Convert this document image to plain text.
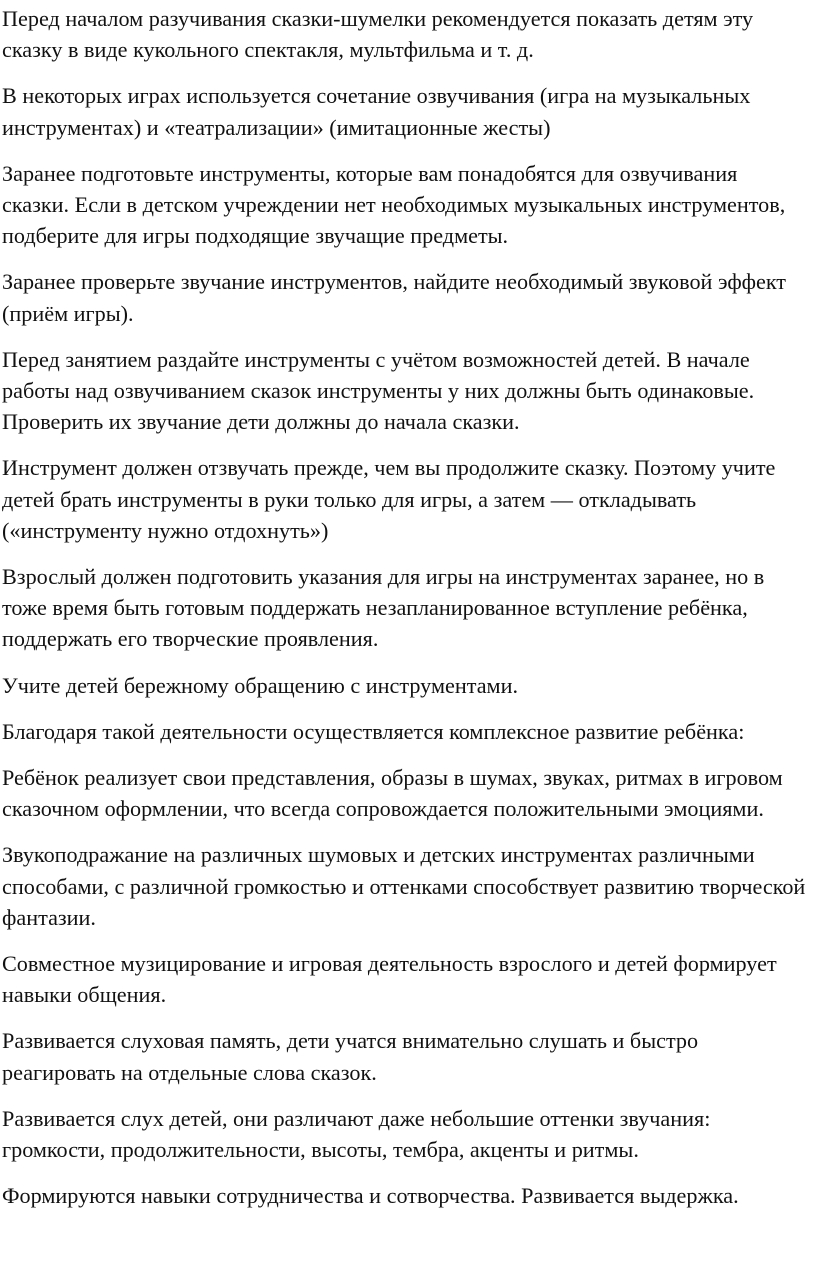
Перед началом разучивания сказки-шумелки рекомендуется показать детям эту сказку в виде кукольного спектакля, мультфильма и т. д.

В некоторых играх используется сочетание озвучивания (игра на музыкальных инструментах) и «театрализации» (имитационные жесты)

Заранее подготовьте инструменты, которые вам понадобятся для озвучивания сказки. Если в детском учреждении нет необходимых музыкальных инструментов, подберите для игры подходящие звучащие предметы.

Заранее проверьте звучание инструментов, найдите необходимый звуковой эффект (приём игры).

Перед занятием раздайте инструменты с учётом возможностей детей. В начале работы над озвучиванием сказок инструменты у них должны быть одинаковые. Проверить их звучание дети должны до начала сказки.

Инструмент должен отзвучать прежде, чем вы продолжите сказку. Поэтому учите детей брать инструменты в руки только для игры, а затем — откладывать («инструменту нужно отдохнуть»)

Взрослый должен подготовить указания для игры на инструментах заранее, но в тоже время быть готовым поддержать незапланированное вступление ребёнка, поддержать его творческие проявления.

Учите детей бережному обращению с инструментами.

Благодаря такой деятельности осуществляется комплексное развитие ребёнка:

Ребёнок реализует свои представления, образы в шумах, звуках, ритмах в игровом сказочном оформлении, что всегда сопровождается положительными эмоциями.

Звукоподражание на различных шумовых и детских инструментах различными способами, с различной громкостью и оттенками способствует развитию творческой фантазии.

Совместное музицирование и игровая деятельность взрослого и детей формирует навыки общения.

Развивается слуховая память, дети учатся внимательно слушать и быстро реагировать на отдельные слова сказок.

Развивается слух детей, они различают даже небольшие оттенки звучания: громкости, продолжительности, высоты, тембра, акценты и ритмы.

Формируются навыки сотрудничества и сотворчества. Развивается выдержка.
